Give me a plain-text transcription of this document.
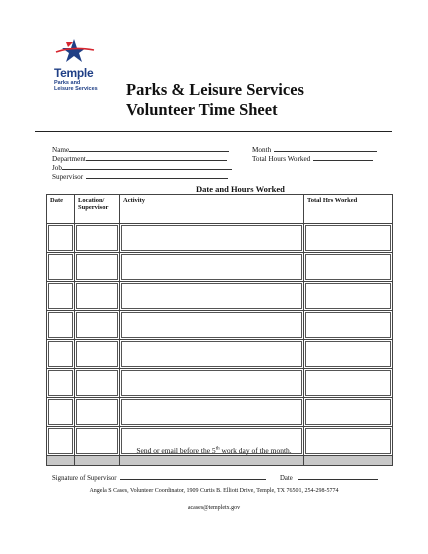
Temple
Parks and Leisure Services Parks & Leisure Services
Volunteer Time Sheet
Name
Department
Job
Supervisor
Month
Total Hours Worked
Date and Hours Worked
Date	Location/ Supervisor	Activity	Total Hrs Worked

Send or email before the 5th work day of the month.
Signature of Supervisor	Date
Angela S Cases, Volunteer Coordinator, 1909 Curtis B. Elliott Drive, Temple, TX 76501, 254-298-5774
acases@templetx.gov
